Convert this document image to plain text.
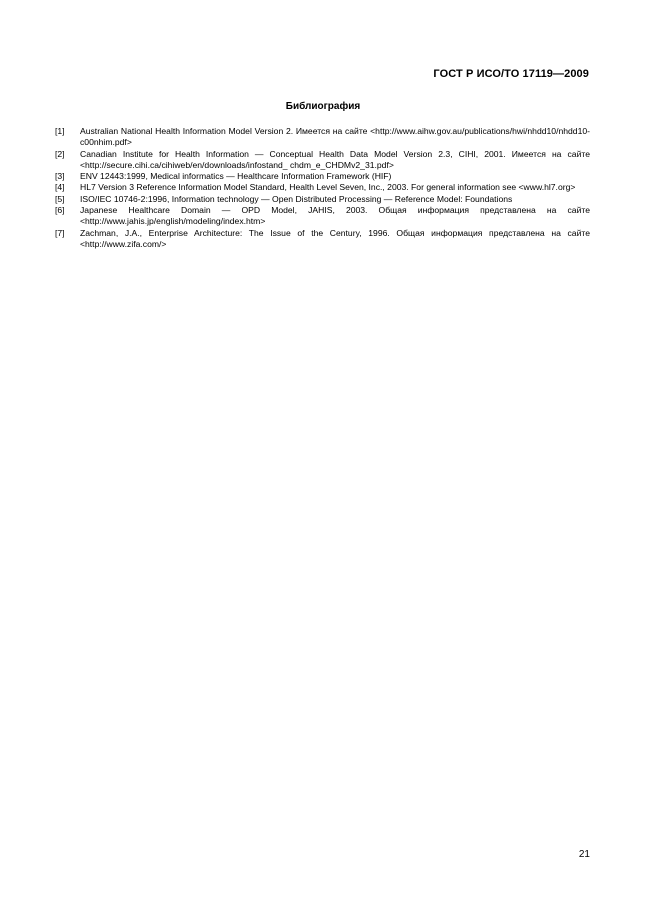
ГОСТ Р ИСО/ТО 17119—2009
Библиография
[1]	Australian National Health Information Model Version 2. Имеется на сайте <http://www.aihw.gov.au/publications/hwi/nhdd10/nhdd10-c00nhim.pdf>
[2]	Canadian Institute for Health Information — Conceptual Health Data Model Version 2.3, CIHI, 2001. Имеется на сайте <http://secure.cihi.ca/cihiweb/en/downloads/infostand_ chdm_e_CHDMv2_31.pdf>
[3]	ENV 12443:1999, Medical informatics — Healthcare Information Framework (HIF)
[4]	HL7 Version 3 Reference Information Model Standard, Health Level Seven, Inc., 2003. For general information see <www.hl7.org>
[5]	ISO/IEC 10746-2:1996, Information technology — Open Distributed Processing — Reference Model: Foundations
[6]	Japanese Healthcare Domain — OPD Model, JAHIS, 2003. Общая информация представлена на сайте <http://www.jahis.jp/english/modeling/index.htm>
[7]	Zachman, J.A., Enterprise Architecture: The Issue of the Century, 1996. Общая информация представлена на сайте <http://www.zifa.com/>
21
